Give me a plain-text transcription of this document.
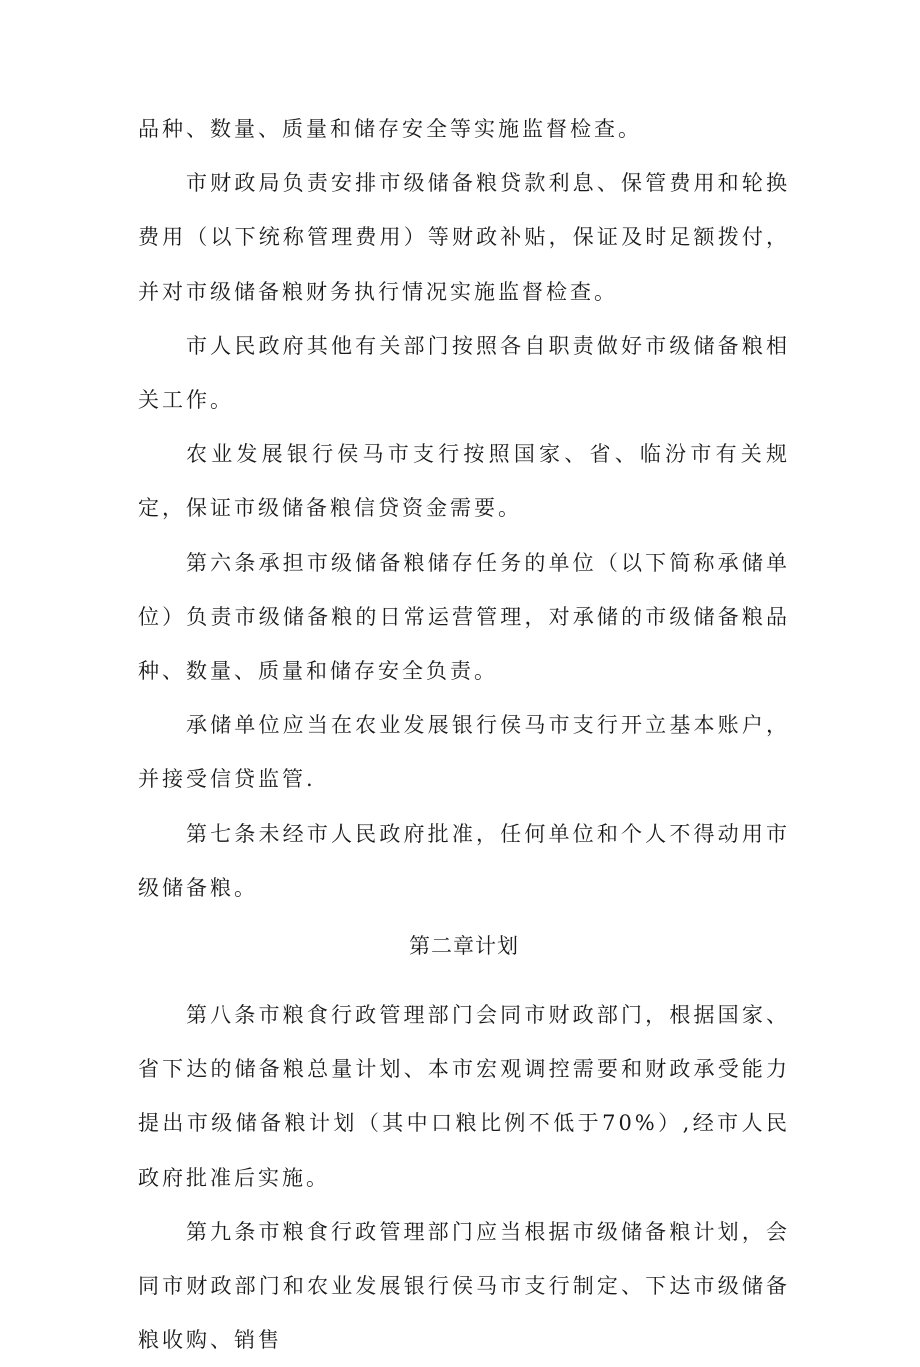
品种、数量、质量和储存安全等实施监督检查。

市财政局负责安排市级储备粮贷款利息、保管费用和轮换费用（以下统称管理费用）等财政补贴，保证及时足额拨付，并对市级储备粮财务执行情况实施监督检查。

市人民政府其他有关部门按照各自职责做好市级储备粮相关工作。

农业发展银行侯马市支行按照国家、省、临汾市有关规定，保证市级储备粮信贷资金需要。

第六条承担市级储备粮储存任务的单位（以下简称承储单位）负责市级储备粮的日常运营管理，对承储的市级储备粮品种、数量、质量和储存安全负责。

承储单位应当在农业发展银行侯马市支行开立基本账户，并接受信贷监管.

第七条未经市人民政府批准，任何单位和个人不得动用市级储备粮。

第二章计划

第八条市粮食行政管理部门会同市财政部门，根据国家、省下达的储备粮总量计划、本市宏观调控需要和财政承受能力提出市级储备粮计划（其中口粮比例不低于70%）,经市人民政府批准后实施。

第九条市粮食行政管理部门应当根据市级储备粮计划，会同市财政部门和农业发展银行侯马市支行制定、下达市级储备粮收购、销售
